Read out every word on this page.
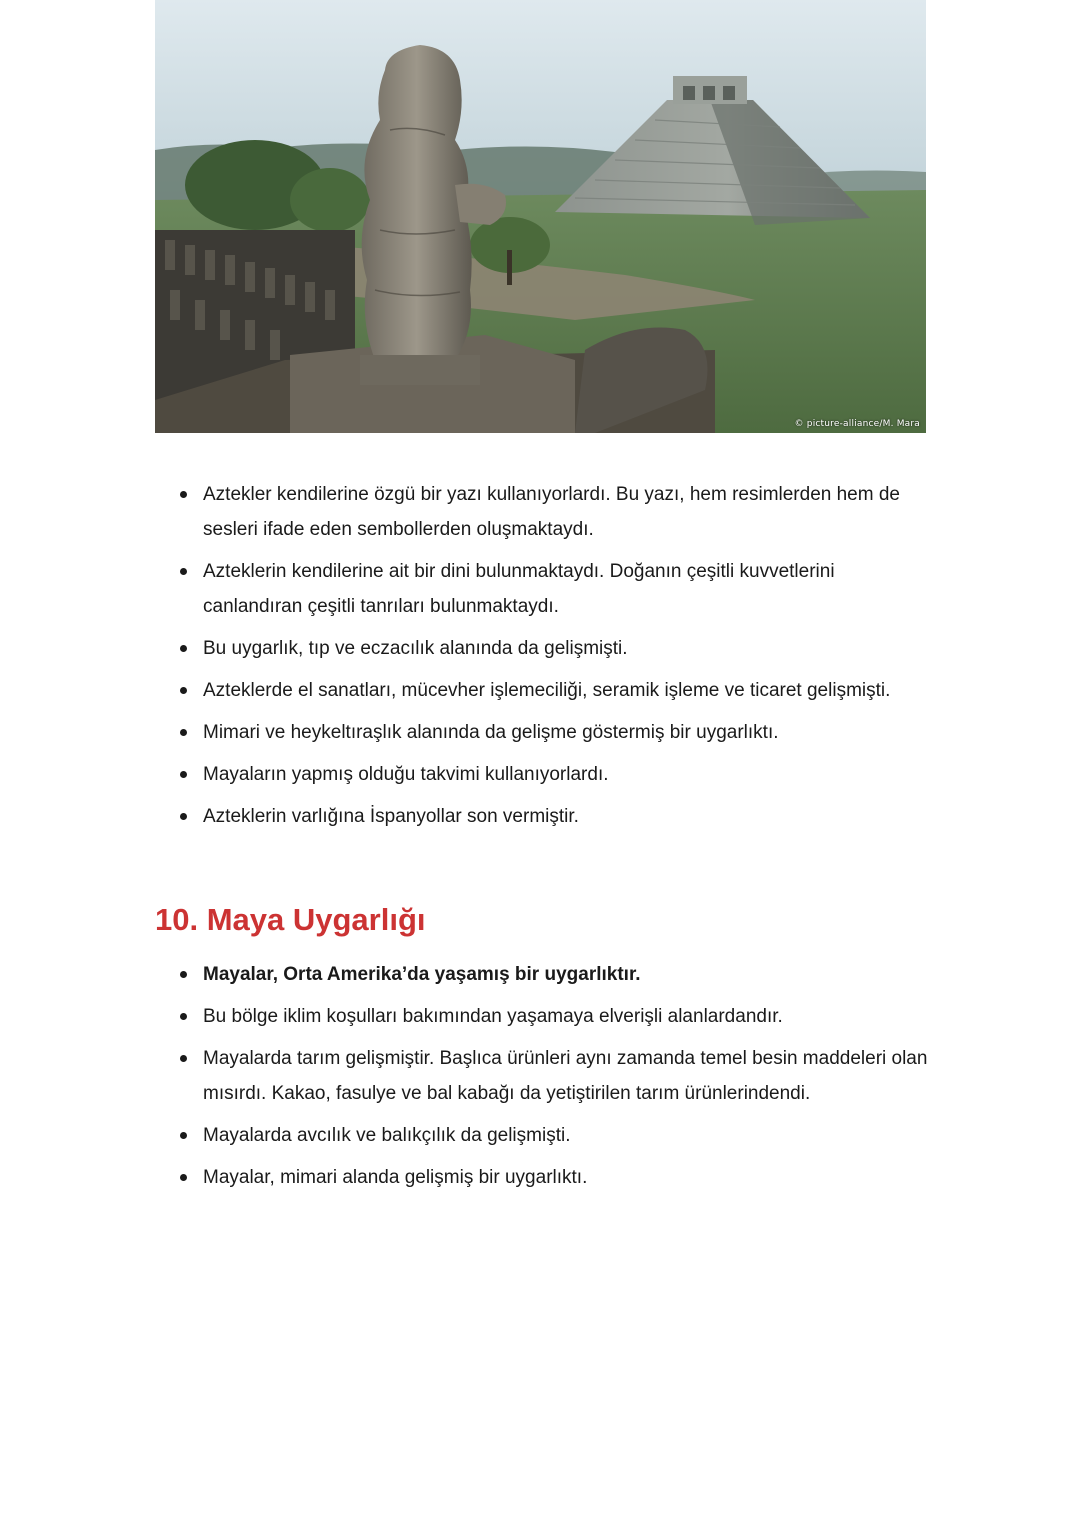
© picture-alliance/M. Mara
Aztekler kendilerine özgü bir yazı kullanıyorlardı. Bu yazı, hem resimlerden hem de sesleri ifade eden sembollerden oluşmaktaydı.
Azteklerin kendilerine ait bir dini bulunmaktaydı. Doğanın çeşitli kuvvetlerini canlandıran çeşitli tanrıları bulunmaktaydı.
Bu uygarlık, tıp ve eczacılık alanında da gelişmişti.
Azteklerde el sanatları, mücevher işlemeciliği, seramik işleme ve ticaret gelişmişti.
Mimari ve heykeltıraşlık alanında da gelişme göstermiş bir uygarlıktı.
Mayaların yapmış olduğu takvimi kullanıyorlardı.
Azteklerin varlığına İspanyollar son vermiştir.
10. Maya Uygarlığı
Mayalar, Orta Amerika’da yaşamış bir uygarlıktır.
Bu bölge iklim koşulları bakımından yaşamaya elverişli alanlardandır.
Mayalarda tarım gelişmiştir. Başlıca ürünleri aynı zamanda temel besin maddeleri olan mısırdı. Kakao, fasulye ve bal kabağı da yetiştirilen tarım ürünlerindendi.
Mayalarda avcılık ve balıkçılık da gelişmişti.
Mayalar, mimari alanda gelişmiş bir uygarlıktı.
